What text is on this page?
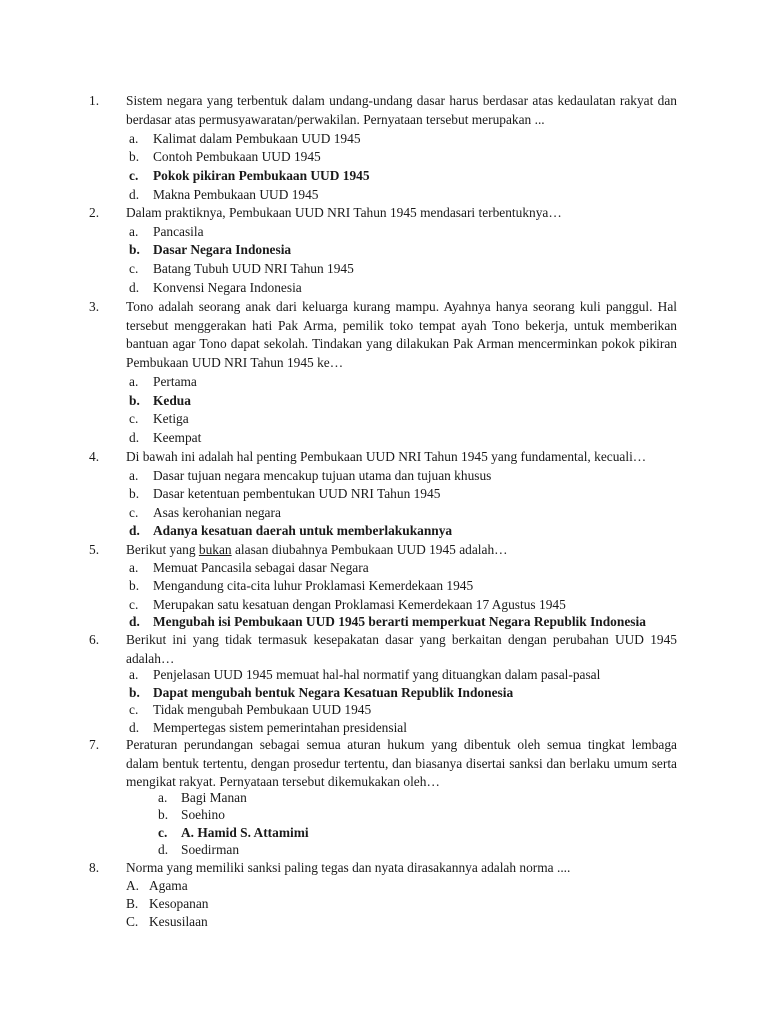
1. Sistem negara yang terbentuk dalam undang-undang dasar harus berdasar atas kedaulatan rakyat dan berdasar atas permusyawaratan/perwakilan. Pernyataan tersebut merupakan ...
a. Kalimat dalam Pembukaan UUD 1945
b. Contoh Pembukaan UUD 1945
c. Pokok pikiran Pembukaan UUD 1945
d. Makna Pembukaan UUD 1945
2. Dalam praktiknya, Pembukaan UUD NRI Tahun 1945 mendasari terbentuknya…
a. Pancasila
b. Dasar Negara Indonesia
c. Batang Tubuh UUD NRI Tahun 1945
d. Konvensi Negara Indonesia
3. Tono adalah seorang anak dari keluarga kurang mampu. Ayahnya hanya seorang kuli panggul. Hal tersebut menggerakan hati Pak Arma, pemilik toko tempat ayah Tono bekerja, untuk memberikan bantuan agar Tono dapat sekolah. Tindakan yang dilakukan Pak Arman mencerminkan pokok pikiran Pembukaan UUD NRI Tahun 1945 ke…
a. Pertama
b. Kedua
c. Ketiga
d. Keempat
4. Di bawah ini adalah hal penting Pembukaan UUD NRI Tahun 1945 yang fundamental, kecuali…
a. Dasar tujuan negara mencakup tujuan utama dan tujuan khusus
b. Dasar ketentuan pembentukan UUD NRI Tahun 1945
c. Asas kerohanian negara
d. Adanya kesatuan daerah untuk memberlakukannya
5. Berikut yang bukan alasan diubahnya Pembukaan UUD 1945 adalah…
a. Memuat Pancasila sebagai dasar Negara
b. Mengandung cita-cita luhur Proklamasi Kemerdekaan 1945
c. Merupakan satu kesatuan dengan Proklamasi Kemerdekaan 17 Agustus 1945
d. Mengubah isi Pembukaan UUD 1945 berarti memperkuat Negara Republik Indonesia
6. Berikut ini yang tidak termasuk kesepakatan dasar yang berkaitan dengan perubahan UUD 1945 adalah…
a. Penjelasan UUD 1945 memuat hal-hal normatif yang dituangkan dalam pasal-pasal
b. Dapat mengubah bentuk Negara Kesatuan Republik Indonesia
c. Tidak mengubah Pembukaan UUD 1945
d. Mempertegas sistem pemerintahan presidensial
7. Peraturan perundangan sebagai semua aturan hukum yang dibentuk oleh semua tingkat lembaga dalam bentuk tertentu, dengan prosedur tertentu, dan biasanya disertai sanksi dan berlaku umum serta mengikat rakyat. Pernyataan tersebut dikemukakan oleh…
a. Bagi Manan
b. Soehino
c. A. Hamid S. Attamimi
d. Soedirman
8. Norma yang memiliki sanksi paling tegas dan nyata dirasakannya adalah norma ....
A. Agama
B. Kesopanan
C. Kesusilaan
